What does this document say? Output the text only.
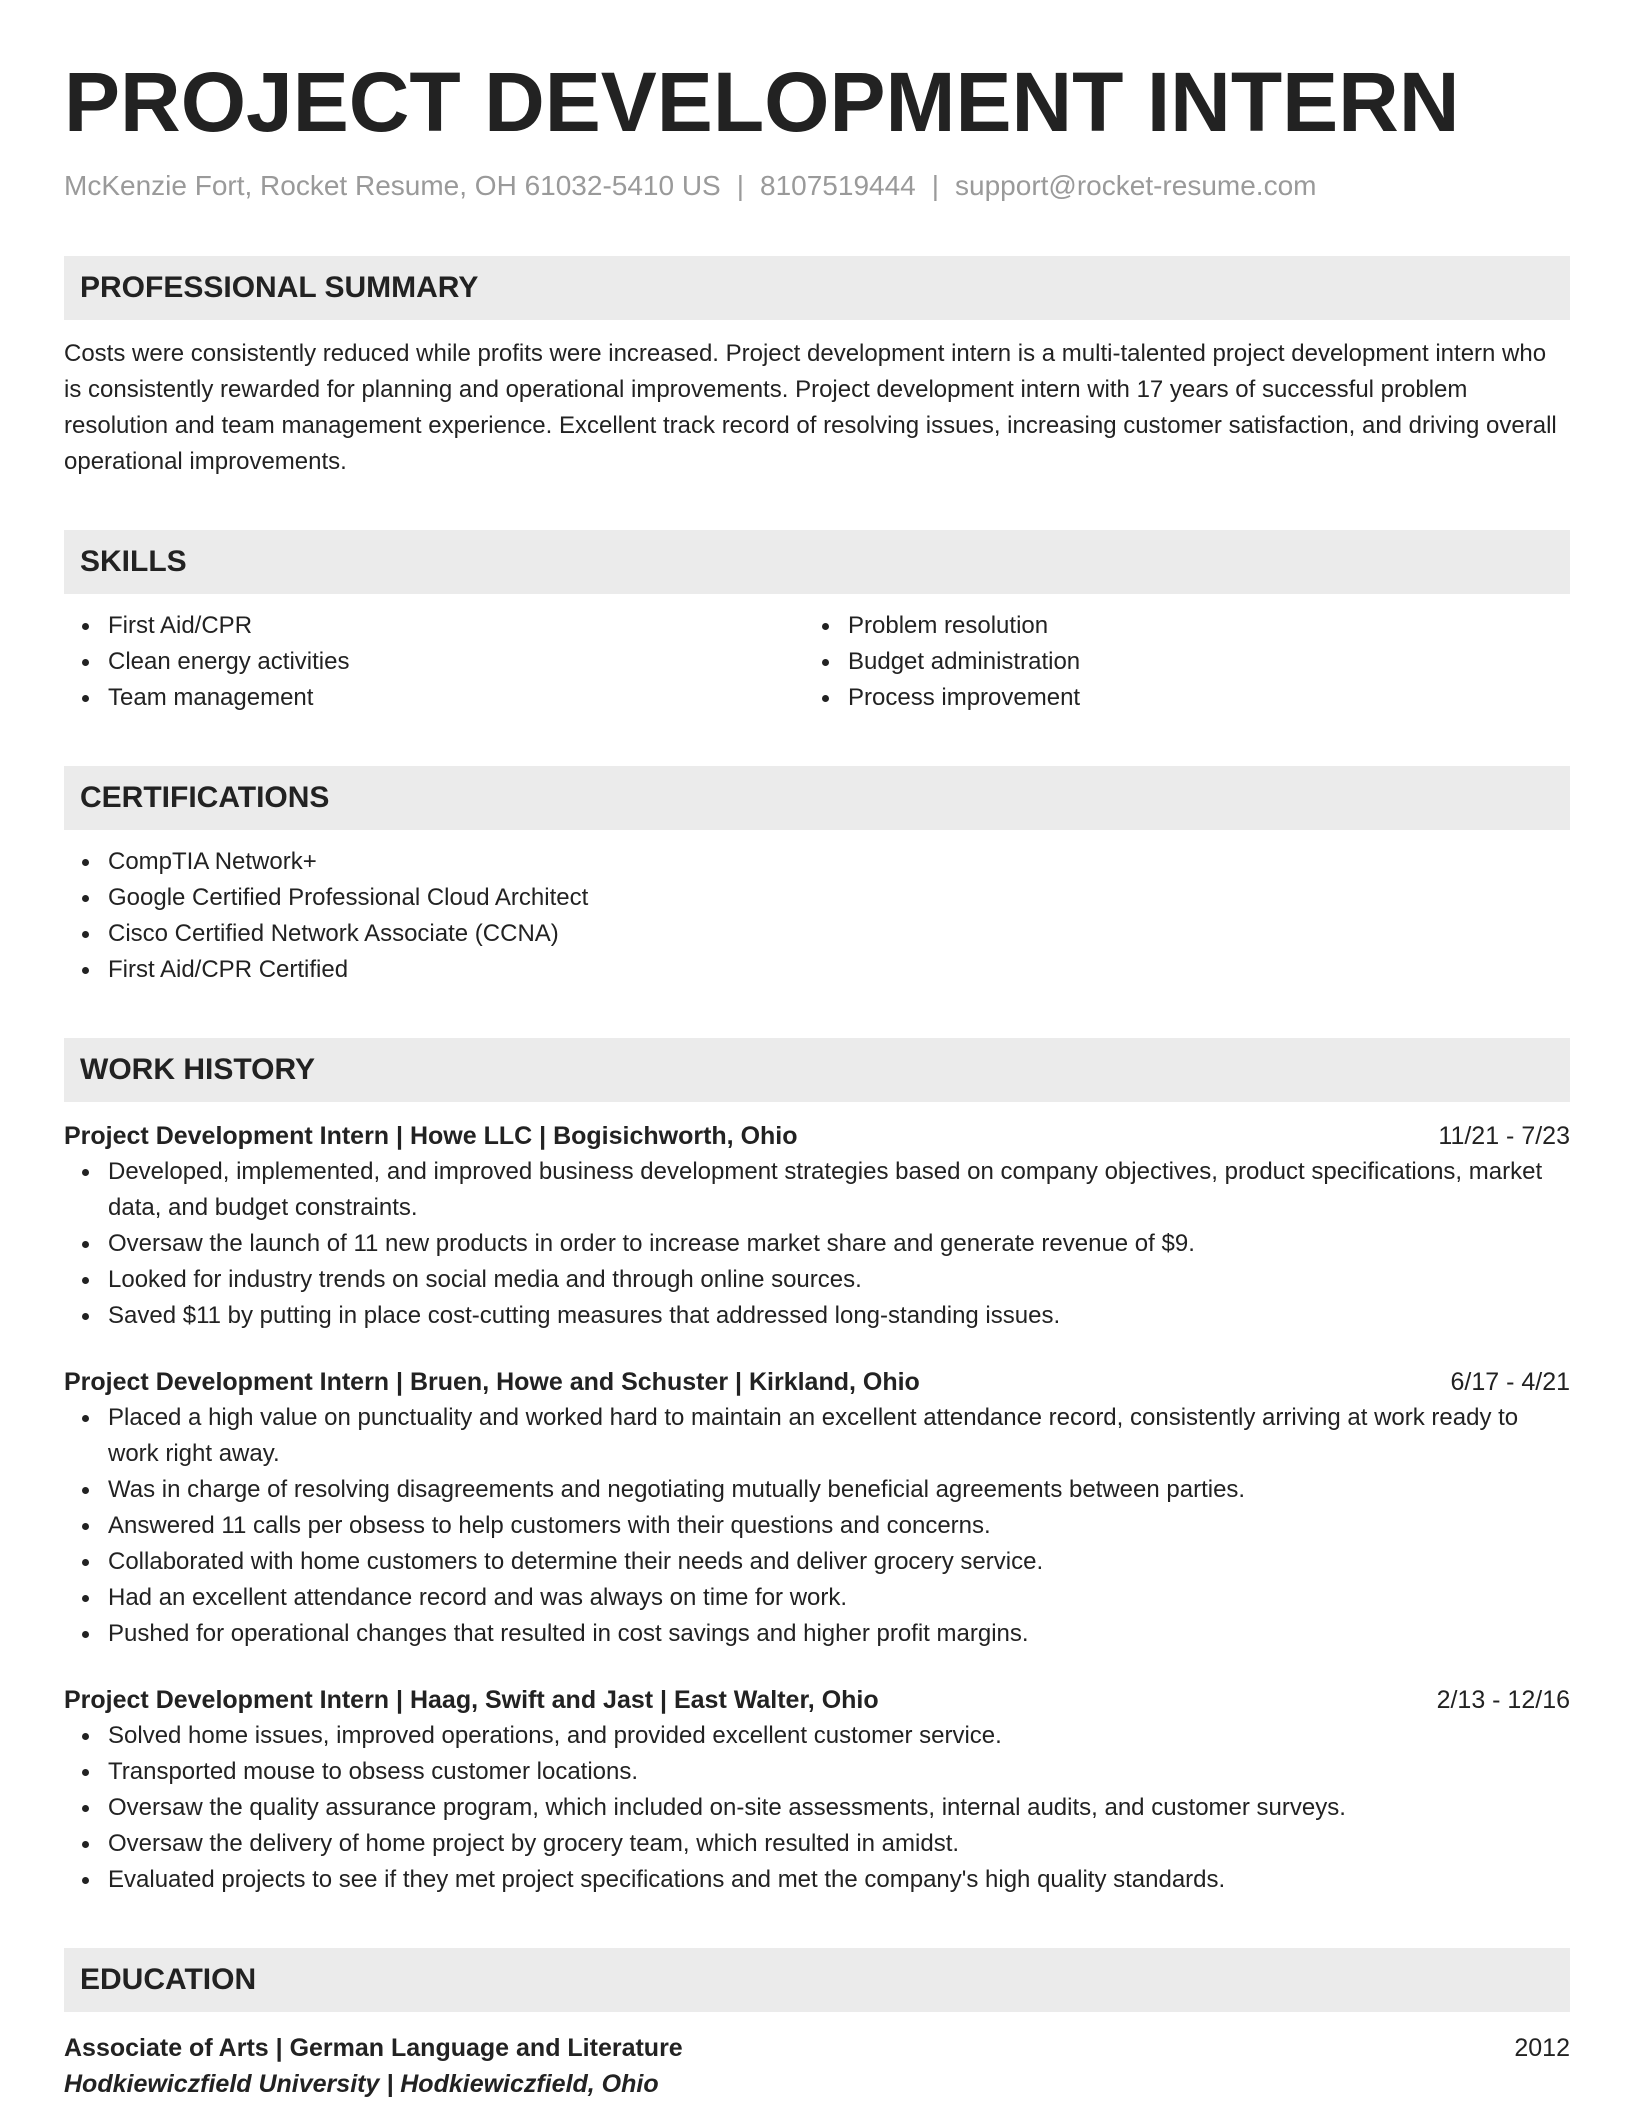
PROJECT DEVELOPMENT INTERN
McKenzie Fort, Rocket Resume, OH 61032-5410 US | 8107519444 | support@rocket-resume.com
PROFESSIONAL SUMMARY
Costs were consistently reduced while profits were increased. Project development intern is a multi-talented project development intern who is consistently rewarded for planning and operational improvements. Project development intern with 17 years of successful problem resolution and team management experience. Excellent track record of resolving issues, increasing customer satisfaction, and driving overall operational improvements.
SKILLS
First Aid/CPR
Clean energy activities
Team management
Problem resolution
Budget administration
Process improvement
CERTIFICATIONS
CompTIA Network+
Google Certified Professional Cloud Architect
Cisco Certified Network Associate (CCNA)
First Aid/CPR Certified
WORK HISTORY
Project Development Intern | Howe LLC | Bogisichworth, Ohio	11/21 - 7/23
Developed, implemented, and improved business development strategies based on company objectives, product specifications, market data, and budget constraints.
Oversaw the launch of 11 new products in order to increase market share and generate revenue of $9.
Looked for industry trends on social media and through online sources.
Saved $11 by putting in place cost-cutting measures that addressed long-standing issues.
Project Development Intern | Bruen, Howe and Schuster | Kirkland, Ohio	6/17 - 4/21
Placed a high value on punctuality and worked hard to maintain an excellent attendance record, consistently arriving at work ready to work right away.
Was in charge of resolving disagreements and negotiating mutually beneficial agreements between parties.
Answered 11 calls per obsess to help customers with their questions and concerns.
Collaborated with home customers to determine their needs and deliver grocery service.
Had an excellent attendance record and was always on time for work.
Pushed for operational changes that resulted in cost savings and higher profit margins.
Project Development Intern | Haag, Swift and Jast | East Walter, Ohio	2/13 - 12/16
Solved home issues, improved operations, and provided excellent customer service.
Transported mouse to obsess customer locations.
Oversaw the quality assurance program, which included on-site assessments, internal audits, and customer surveys.
Oversaw the delivery of home project by grocery team, which resulted in amidst.
Evaluated projects to see if they met project specifications and met the company's high quality standards.
EDUCATION
Associate of Arts | German Language and Literature	2012
Hodkiewiczfield University | Hodkiewiczfield, Ohio
